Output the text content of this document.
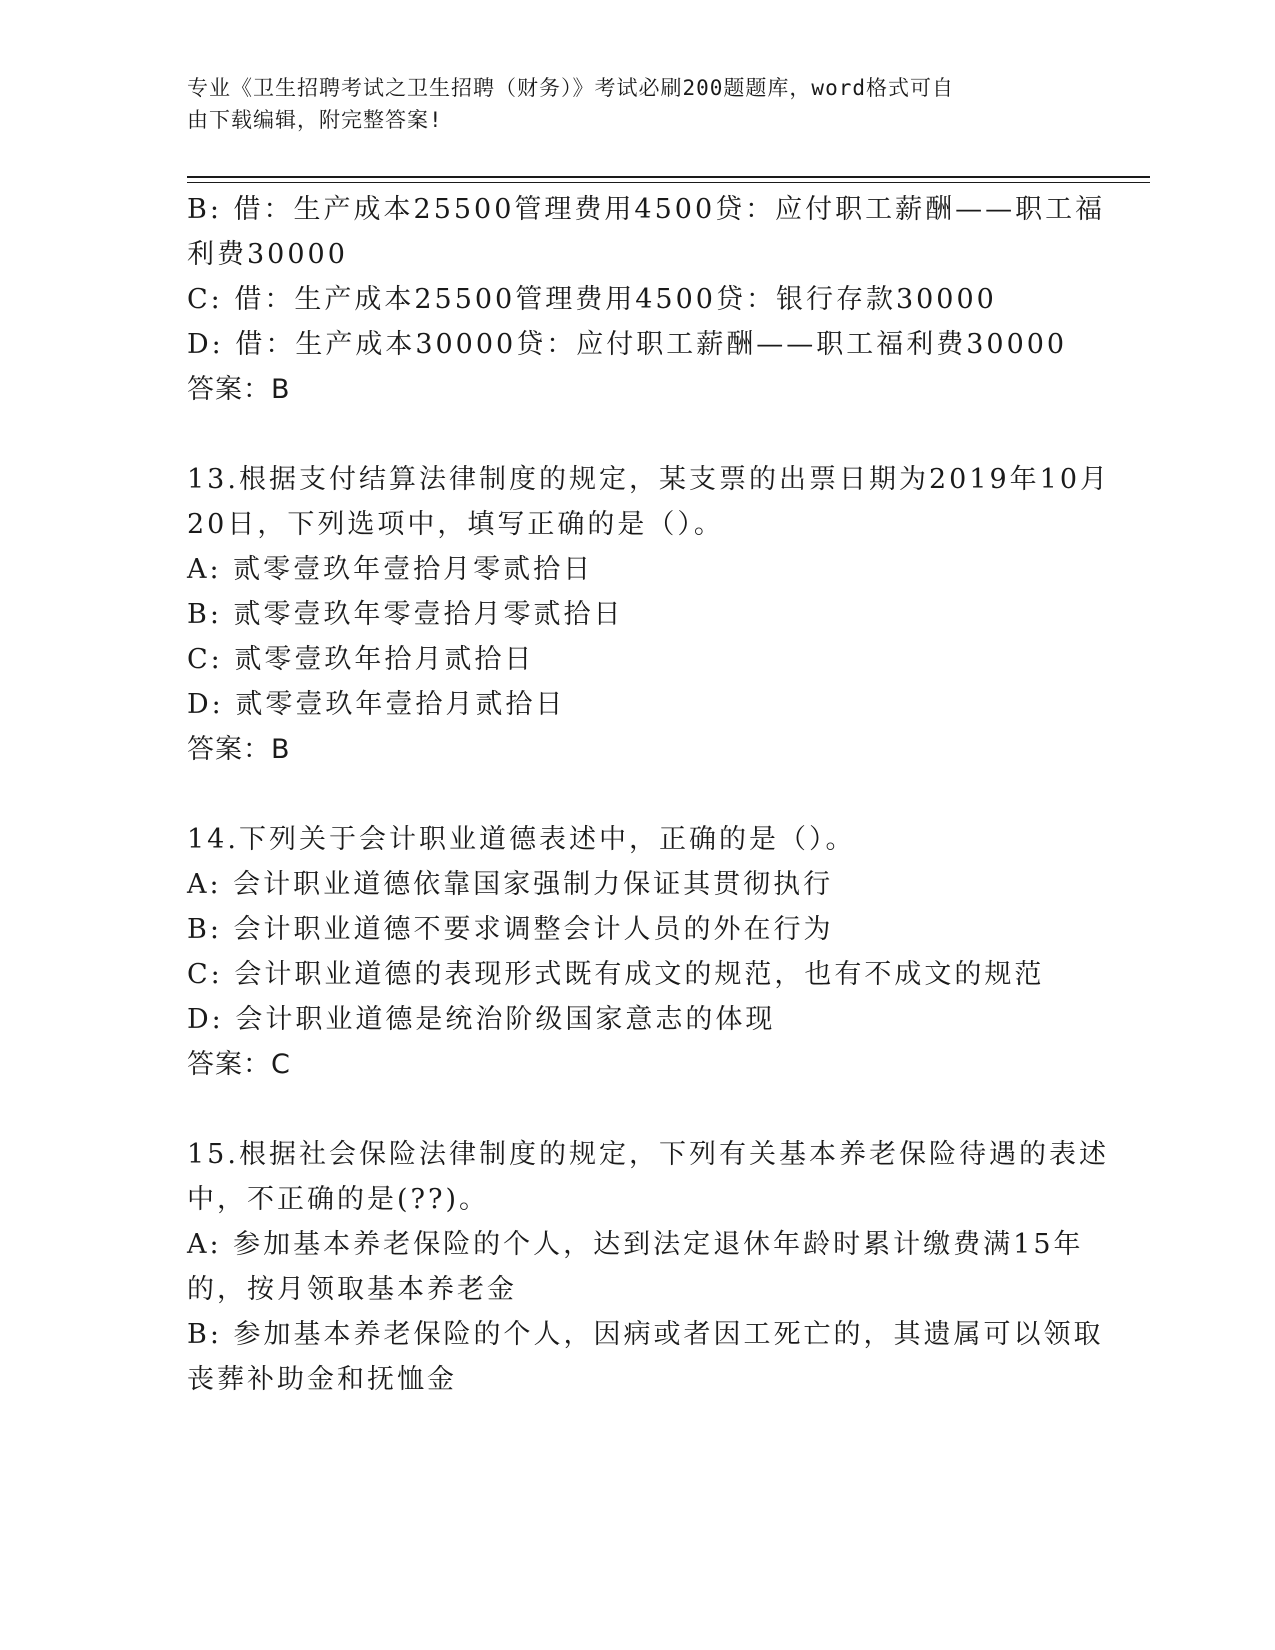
专业《卫生招聘考试之卫生招聘（财务）》考试必刷200题题库，word格式可自
由下载编辑，附完整答案!
B: 借：生产成本25500管理费用4500贷：应付职工薪酬——职工福
利费30000
C: 借：生产成本25500管理费用4500贷：银行存款30000
D: 借：生产成本30000贷：应付职工薪酬——职工福利费30000
答案：B
13.根据支付结算法律制度的规定，某支票的出票日期为2019年10月
20日，下列选项中，填写正确的是（）。
A: 贰零壹玖年壹拾月零贰拾日
B: 贰零壹玖年零壹拾月零贰拾日
C: 贰零壹玖年拾月贰拾日
D: 贰零壹玖年壹拾月贰拾日
答案：B
14.下列关于会计职业道德表述中，正确的是（）。
A: 会计职业道德依靠国家强制力保证其贯彻执行
B: 会计职业道德不要求调整会计人员的外在行为
C: 会计职业道德的表现形式既有成文的规范，也有不成文的规范
D: 会计职业道德是统治阶级国家意志的体现
答案：C
15.根据社会保险法律制度的规定，下列有关基本养老保险待遇的表述
中，不正确的是(??)。
A: 参加基本养老保险的个人，达到法定退休年龄时累计缴费满15年
的，按月领取基本养老金
B: 参加基本养老保险的个人，因病或者因工死亡的，其遗属可以领取
丧葬补助金和抚恤金
